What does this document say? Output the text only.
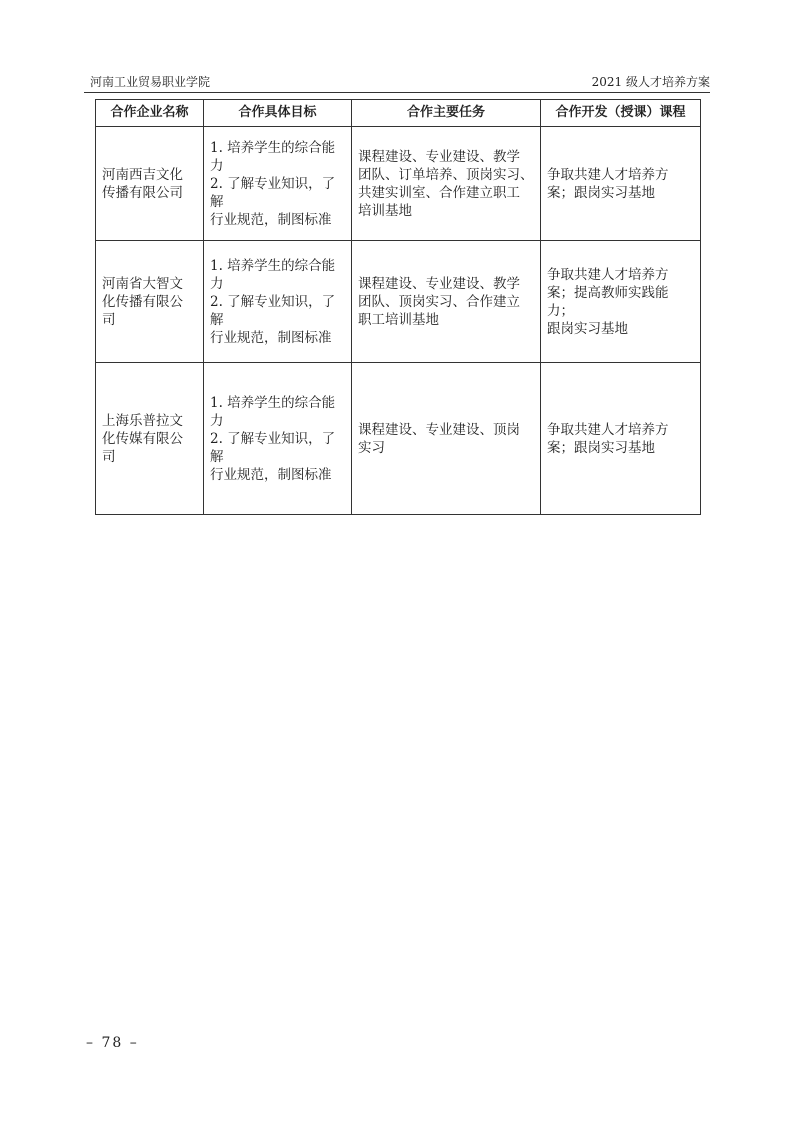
河南工业贸易职业学院	2021 级人才培养方案
合作企业名称	合作具体目标	合作主要任务	合作开发（授课）课程

河南西吉文化
传播有限公司	1. 培养学生的综合能
力
2. 了解专业知识，了解
行业规范，制图标准	课程建设、专业建设、教学
团队、订单培养、顶岗实习、
共建实训室、合作建立职工
培训基地	争取共建人才培养方
案；跟岗实习基地

河南省大智文
化传播有限公
司	1. 培养学生的综合能
力
2. 了解专业知识，了解
行业规范，制图标准	课程建设、专业建设、教学
团队、顶岗实习、合作建立
职工培训基地	争取共建人才培养方
案；提高教师实践能力；
跟岗实习基地

上海乐普拉文
化传媒有限公
司	1. 培养学生的综合能
力
2. 了解专业知识，了解
行业规范，制图标准	课程建设、专业建设、顶岗
实习	争取共建人才培养方
案；跟岗实习基地
– 78 –
